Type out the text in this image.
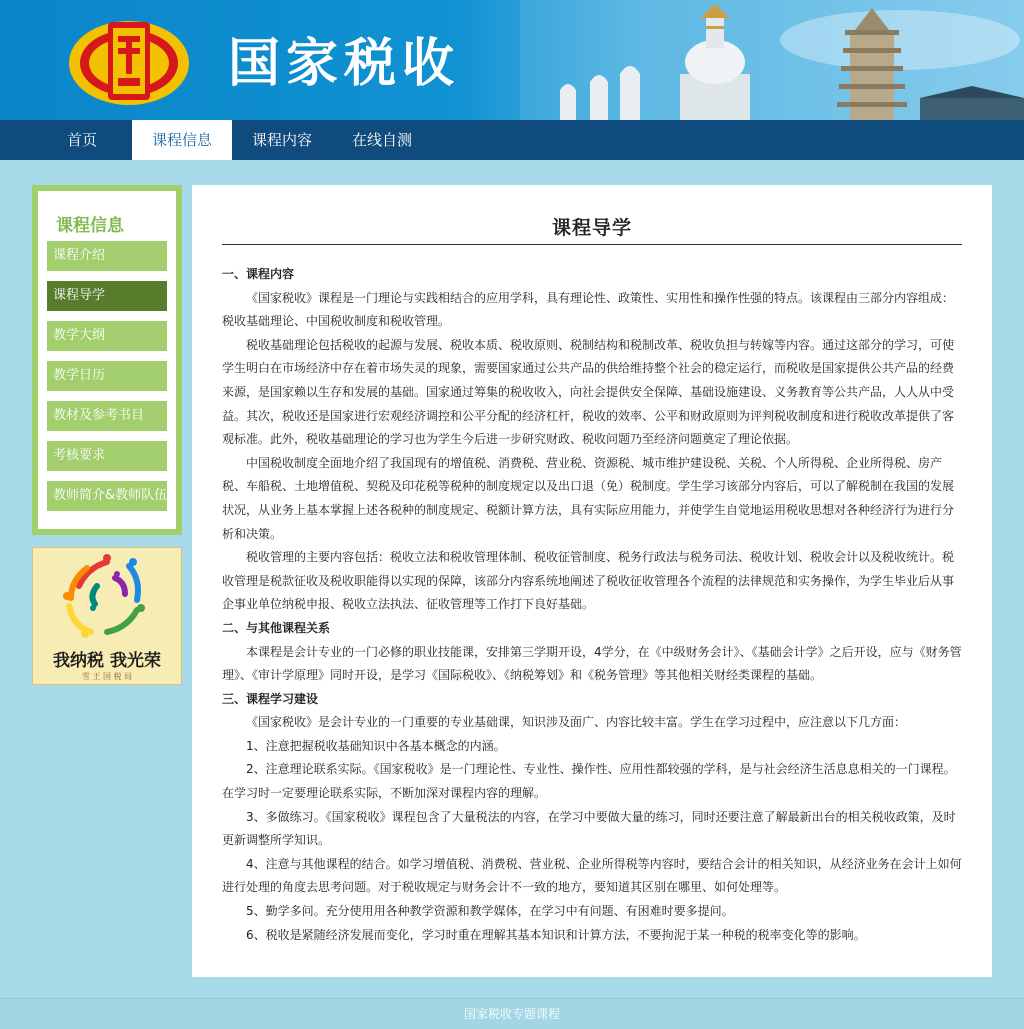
国家税收
首页	课程信息	课程内容	在线自测
课程信息
课程介绍
课程导学
教学大纲
教学日历
教材及参考书目
考核要求
教师简介&教师队伍
我纳税 我光荣
雪 王 国 税 局
课程导学
一、课程内容

《国家税收》课程是一门理论与实践相结合的应用学科，具有理论性、政策性、实用性和操作性强的特点。该课程由三部分内容组成：税收基础理论、中国税收制度和税收管理。

税收基础理论包括税收的起源与发展、税收本质、税收原则、税制结构和税制改革、税收负担与转嫁等内容。通过这部分的学习，可使学生明白在市场经济中存在着市场失灵的现象，需要国家通过公共产品的供给维持整个社会的稳定运行，而税收是国家提供公共产品的经费来源，是国家赖以生存和发展的基础。国家通过筹集的税收收入，向社会提供安全保障、基础设施建设、义务教育等公共产品，人人从中受益。其次，税收还是国家进行宏观经济调控和公平分配的经济杠杆，税收的效率、公平和财政原则为评判税收制度和进行税收改革提供了客观标准。此外，税收基础理论的学习也为学生今后进一步研究财政、税收问题乃至经济问题奠定了理论依据。

中国税收制度全面地介绍了我国现有的增值税、消费税、营业税、资源税、城市维护建设税、关税、个人所得税、企业所得税、房产税、车船税、土地增值税、契税及印花税等税种的制度规定以及出口退（免）税制度。学生学习该部分内容后，可以了解税制在我国的发展状况，从业务上基本掌握上述各税种的制度规定、税额计算方法，具有实际应用能力，并使学生自觉地运用税收思想对各种经济行为进行分析和决策。

税收管理的主要内容包括：税收立法和税收管理体制、税收征管制度、税务行政法与税务司法、税收计划、税收会计以及税收统计。税收管理是税款征收及税收职能得以实现的保障，该部分内容系统地阐述了税收征收管理各个流程的法律规范和实务操作，为学生毕业后从事企事业单位纳税申报、税收立法执法、征收管理等工作打下良好基础。

二、与其他课程关系

本课程是会计专业的一门必修的职业技能课，安排第三学期开设，4学分，在《中级财务会计》、《基础会计学》之后开设，应与《财务管理》、《审计学原理》同时开设，是学习《国际税收》、《纳税筹划》和《税务管理》等其他相关财经类课程的基础。

三、课程学习建设

《国家税收》是会计专业的一门重要的专业基础课，知识涉及面广、内容比较丰富。学生在学习过程中，应注意以下几方面：

1、注意把握税收基础知识中各基本概念的内涵。

2、注意理论联系实际。《国家税收》是一门理论性、专业性、操作性、应用性都较强的学科，是与社会经济生活息息相关的一门课程。在学习时一定要理论联系实际，不断加深对课程内容的理解。

3、多做练习。《国家税收》课程包含了大量税法的内容，在学习中要做大量的练习，同时还要注意了解最新出台的相关税收政策，及时更新调整所学知识。

4、注意与其他课程的结合。如学习增值税、消费税、营业税、企业所得税等内容时，要结合会计的相关知识，从经济业务在会计上如何进行处理的角度去思考问题。对于税收规定与财务会计不一致的地方，要知道其区别在哪里、如何处理等。

5、勤学多问。充分使用用各种教学资源和教学媒体，在学习中有问题、有困难时要多提问。

6、税收是紧随经济发展而变化，学习时重在理解其基本知识和计算方法，不要拘泥于某一种税的税率变化等的影响。

国家税收专题课程
